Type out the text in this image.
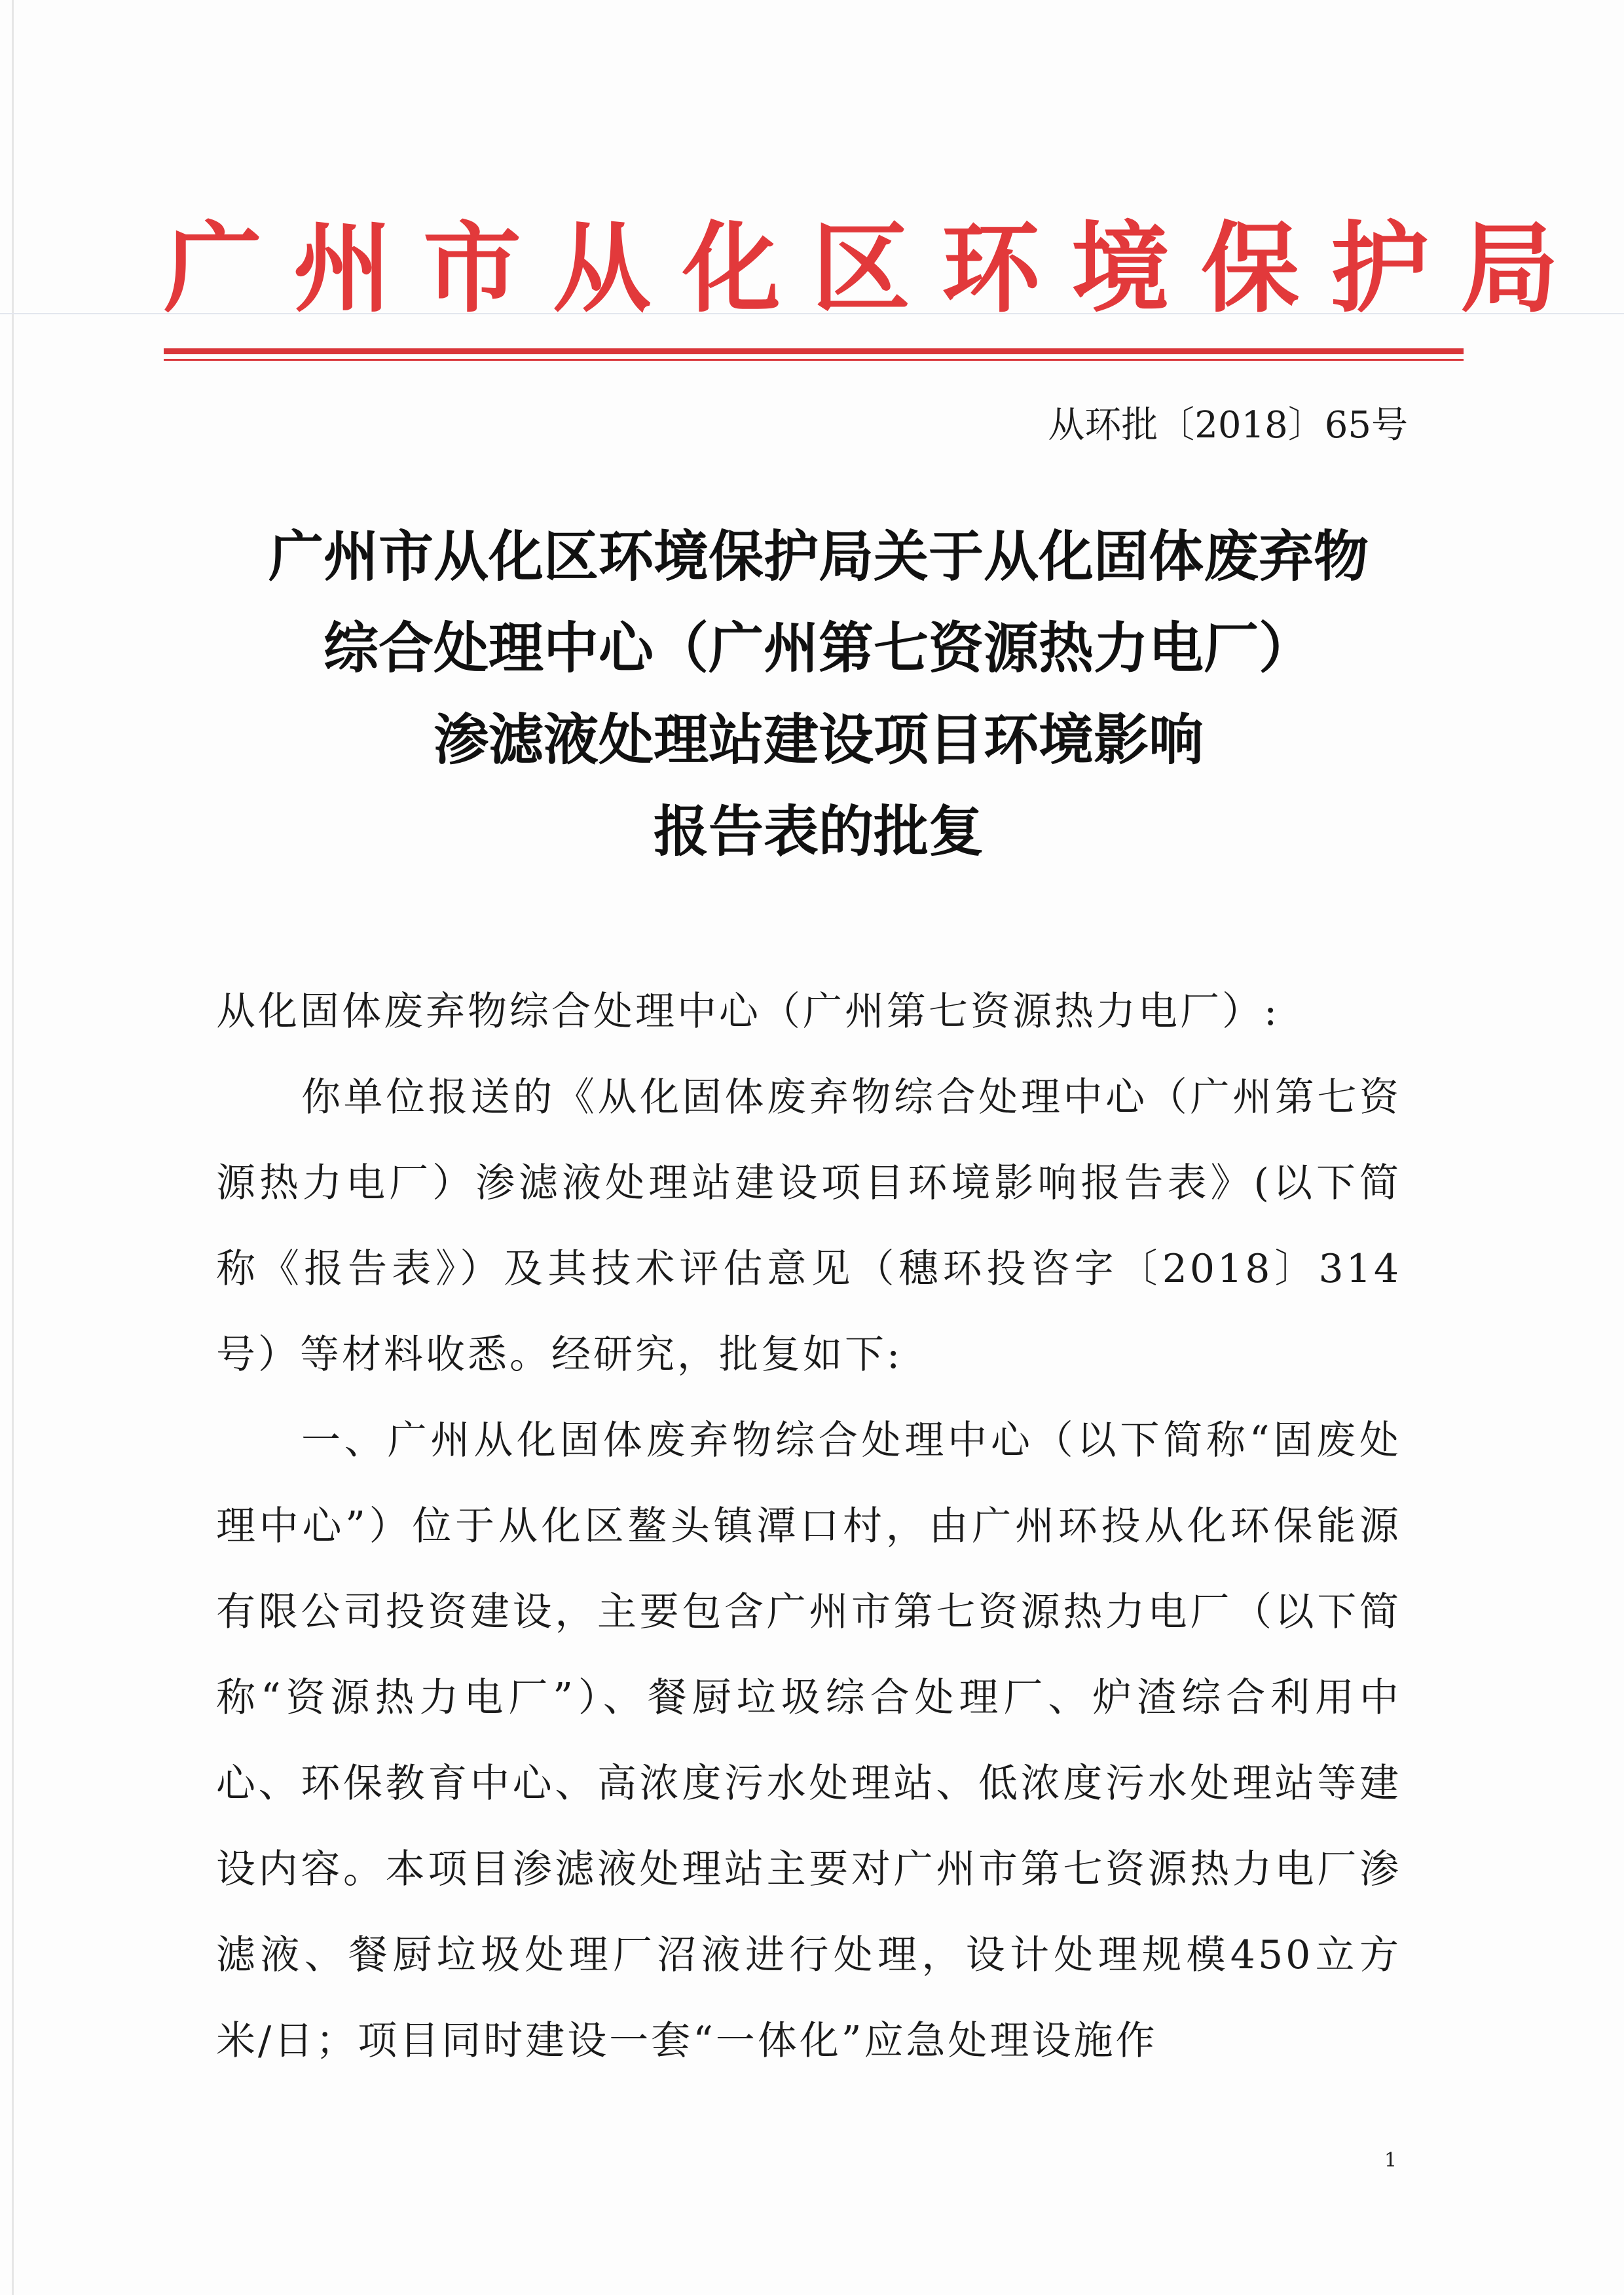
广州市从化区环境保护局
从环批〔2018〕65号
广州市从化区环境保护局关于从化固体废弃物
综合处理中心（广州第七资源热力电厂）
渗滤液处理站建设项目环境影响
报告表的批复

从化固体废弃物综合处理中心（广州第七资源热力电厂）:

你单位报送的《从化固体废弃物综合处理中心（广州第七资源热力电厂）渗滤液处理站建设项目环境影响报告表》(以下简称《报告表》）及其技术评估意见（穗环投咨字〔2018〕314号）等材料收悉。经研究，批复如下:

一、广州从化固体废弃物综合处理中心（以下简称“固废处理中心”）位于从化区鳌头镇潭口村，由广州环投从化环保能源有限公司投资建设，主要包含广州市第七资源热力电厂（以下简称“资源热力电厂”）、餐厨垃圾综合处理厂、炉渣综合利用中心、环保教育中心、高浓度污水处理站、低浓度污水处理站等建设内容。本项目渗滤液处理站主要对广州市第七资源热力电厂渗滤液、餐厨垃圾处理厂沼液进行处理，设计处理规模450立方米/日；项目同时建设一套“一体化”应急处理设施作

1
